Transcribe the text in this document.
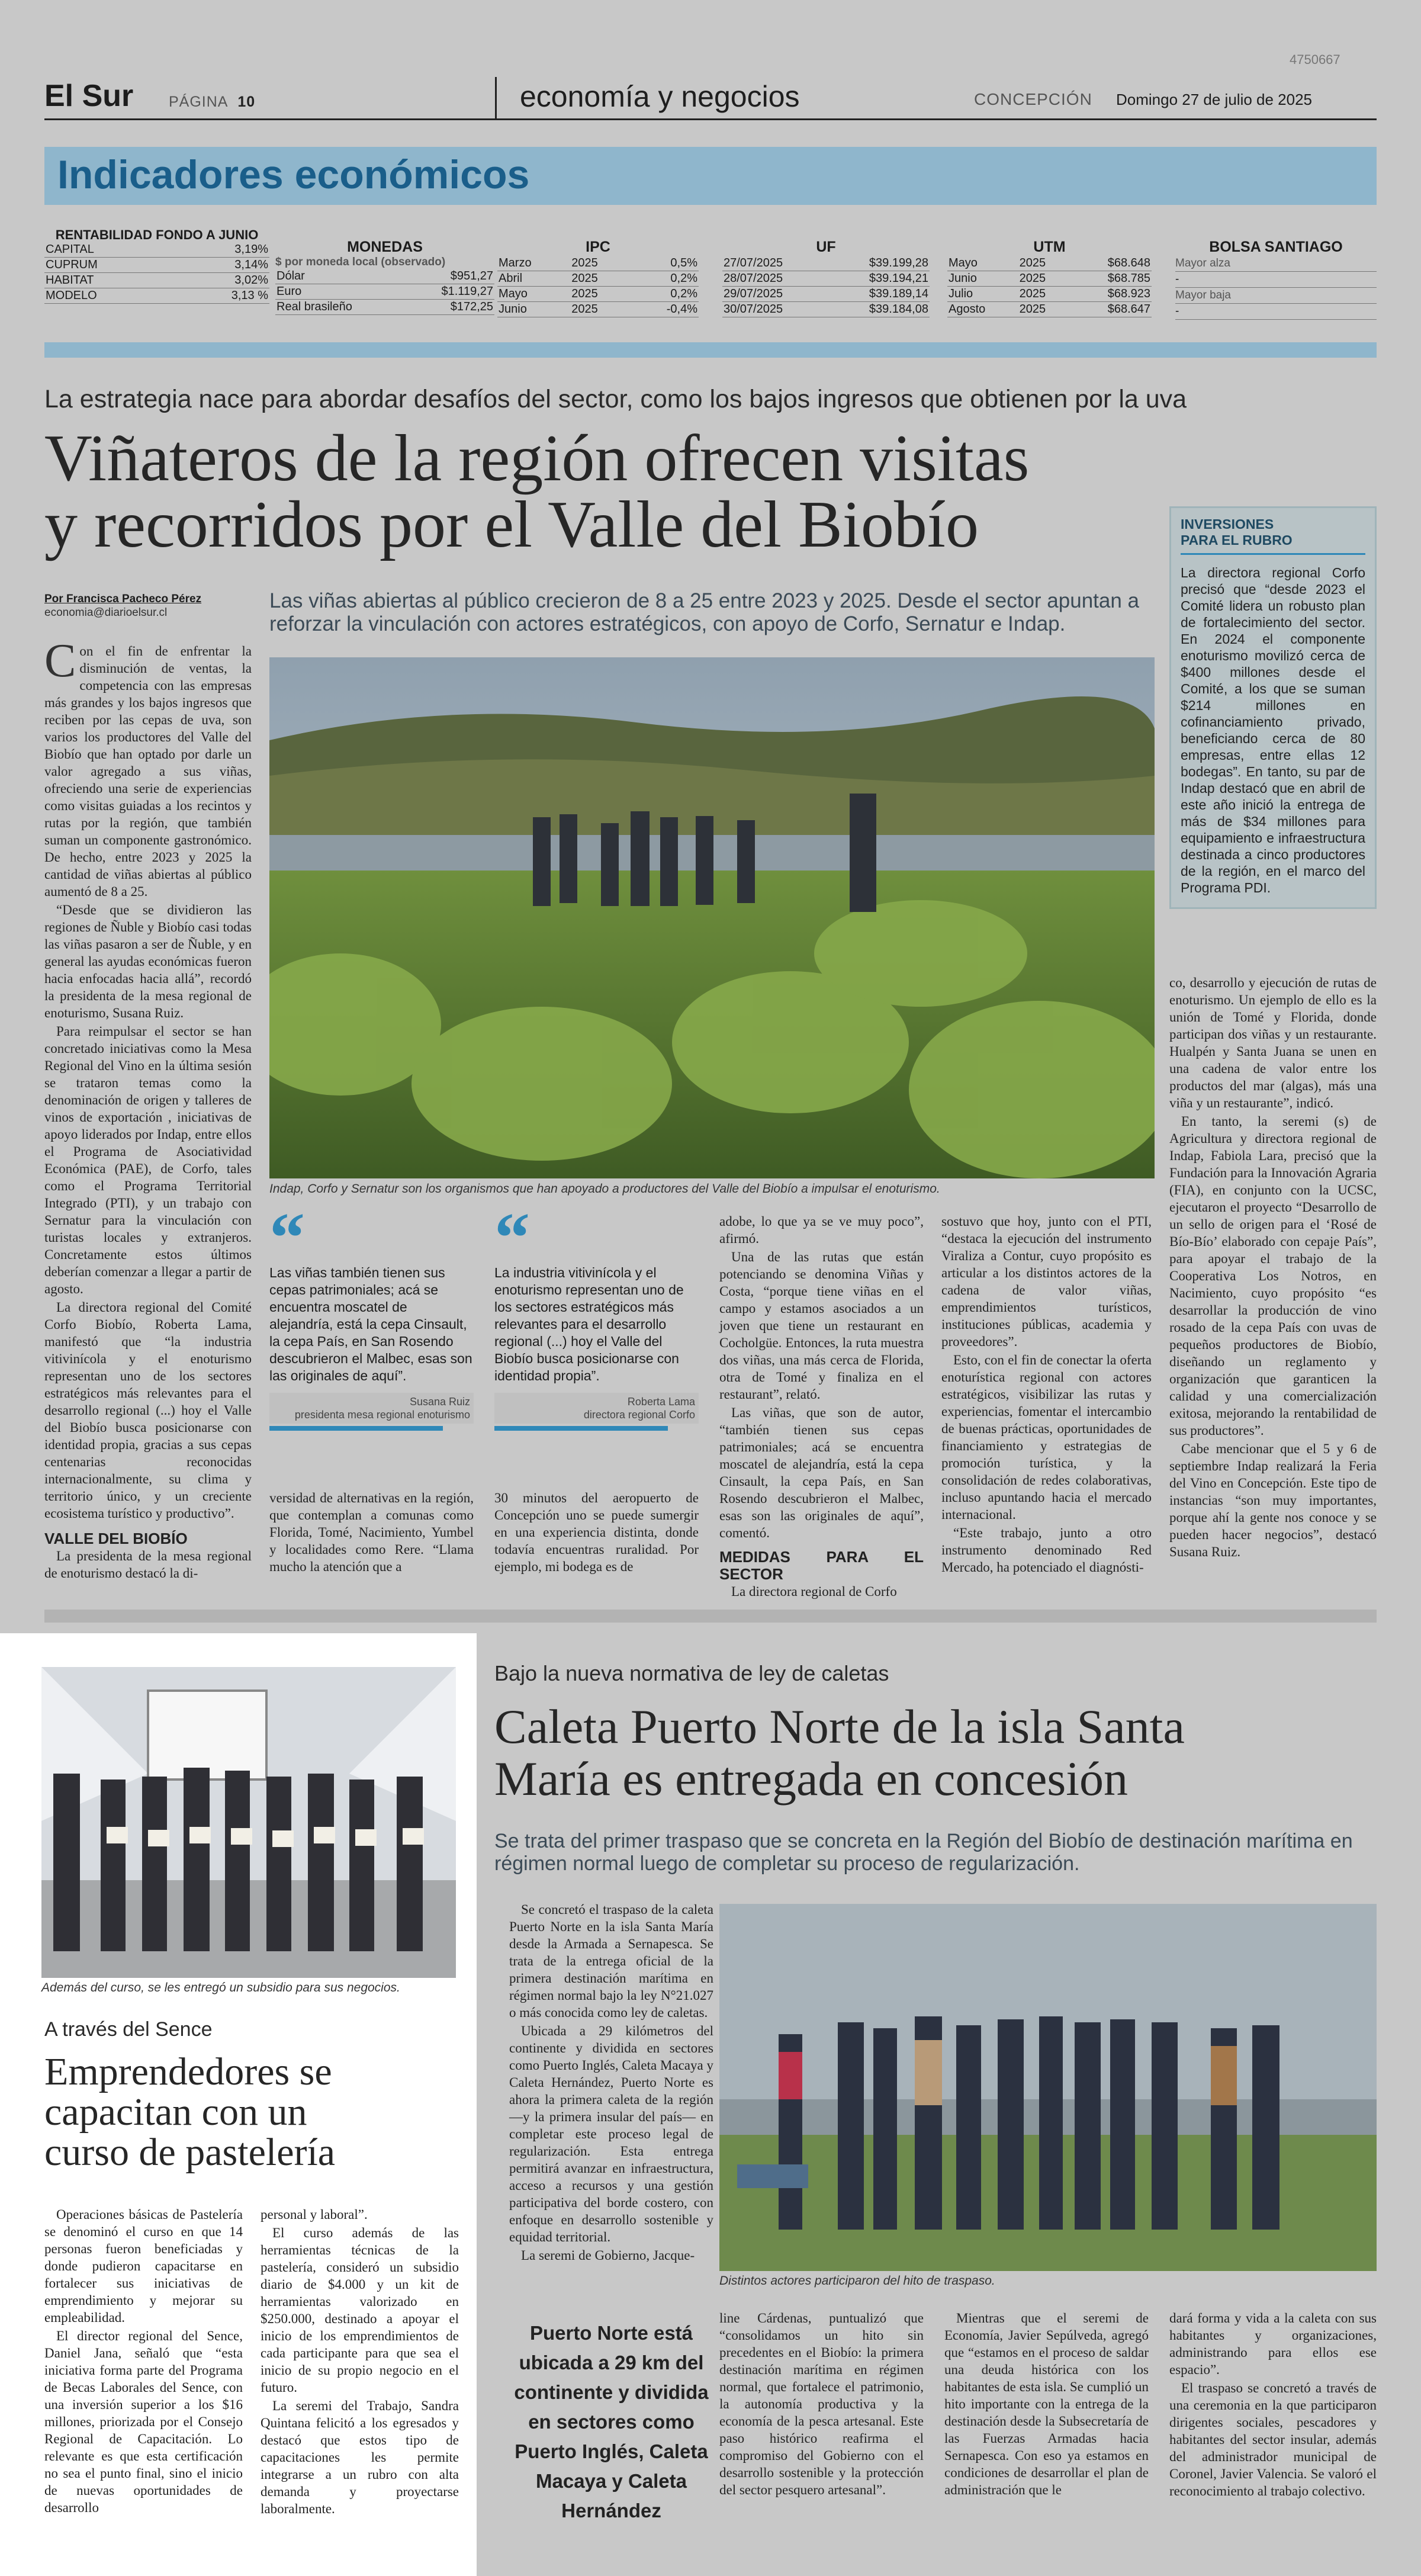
4750667
El Sur PÁGINA 10	economía y negocios	CONCEPCIÓN Domingo 27 de julio de 2025
Indicadores económicos
RENTABILIDAD FONDO A JUNIO
CAPITAL	3,19%
CUPRUM	3,14%
HABITAT	3,02%
MODELO	3,13 %
MONEDAS
$ por moneda local (observado)
Dólar	$951,27
Euro	$1.119,27
Real brasileño	$172,25
IPC
Marzo	2025	0,5%
Abril	2025	0,2%
Mayo	2025	0,2%
Junio	2025	-0,4%
UF
27/07/2025	$39.199,28
28/07/2025	$39.194,21
29/07/2025	$39.189,14
30/07/2025	$39.184,08
UTM
Mayo	2025	$68.648
Junio	2025	$68.785
Julio	2025	$68.923
Agosto	2025	$68.647
BOLSA SANTIAGO
Mayor alza
-
Mayor baja
-
La estrategia nace para abordar desafíos del sector, como los bajos ingresos que obtienen por la uva
Viñateros de la región ofrecen visitas
y recorridos por el Valle del Biobío
Por Francisca Pacheco Pérez
economia@diarioelsur.cl
Las viñas abiertas al público crecieron de 8 a 25 entre 2023 y 2025. Desde el sector apuntan a reforzar la vinculación con actores estratégicos, con apoyo de Corfo, Sernatur e Indap.

Con el fin de enfrentar la disminución de ventas, la competencia con las empresas más grandes y los bajos ingresos que reciben por las cepas de uva, son varios los productores del Valle del Biobío que han optado por darle un valor agregado a sus viñas, ofreciendo una serie de experiencias como visitas guiadas a los recintos y rutas por la región, que también suman un componente gastronómico. De hecho, entre 2023 y 2025 la cantidad de viñas abiertas al público aumentó de 8 a 25.

“Desde que se dividieron las regiones de Ñuble y Biobío casi todas las viñas pasaron a ser de Ñuble, y en general las ayudas económicas fueron hacia enfocadas hacia allá”, recordó la presidenta de la mesa regional de enoturismo, Susana Ruiz.

Para reimpulsar el sector se han concretado iniciativas como la Mesa Regional del Vino en la última sesión se trataron temas como la denominación de origen y talleres de vinos de exportación , iniciativas de apoyo liderados por Indap, entre ellos el Programa de Asociatividad Económica (PAE), de Corfo, tales como el Programa Territorial Integrado (PTI), y un trabajo con Sernatur para la vinculación con turistas locales y extranjeros. Concretamente estos últimos deberían comenzar a llegar a partir de agosto.

La directora regional del Comité Corfo Biobío, Roberta Lama, manifestó que “la industria vitivinícola y el enoturismo representan uno de los sectores estratégicos más relevantes para el desarrollo regional (...) hoy el Valle del Biobío busca posicionarse con identidad propia, gracias a sus cepas centenarias reconocidas internacionalmente, su clima y territorio único, y un creciente ecosistema turístico y productivo”.

VALLE DEL BIOBÍO

La presidenta de la mesa regional de enoturismo destacó la di-

Indap, Corfo y Sernatur son los organismos que han apoyado a productores del Valle del Biobío a impulsar el enoturismo.
“
Las viñas también tienen sus cepas patrimoniales; acá se encuentra moscatel de alejandría, está la cepa Cinsault, la cepa País, en San Rosendo descubrieron el Malbec, esas son las originales de aquí”.
Susana Ruiz
presidenta mesa regional enoturismo
“
La industria vitivinícola y el enoturismo representan uno de los sectores estratégicos más relevantes para el desarrollo regional (...) hoy el Valle del Biobío busca posicionarse con identidad propia”.
Roberta Lama
directora regional Corfo

versidad de alternativas en la región, que contemplan a comunas como Florida, Tomé, Nacimiento, Yumbel y localidades como Rere. “Llama mucho la atención que a

30 minutos del aeropuerto de Concepción uno se puede sumergir en una experiencia distinta, donde todavía encuentras ruralidad. Por ejemplo, mi bodega es de

adobe, lo que ya se ve muy poco”, afirmó.

Una de las rutas que están potenciando se denomina Viñas y Costa, “porque tiene viñas en el campo y estamos asociados a un joven que tiene un restaurant en Cocholgüe. Entonces, la ruta muestra dos viñas, una más cerca de Florida, otra de Tomé y finaliza en el restaurant”, relató.

Las viñas, que son de autor, “también tienen sus cepas patrimoniales; acá se encuentra moscatel de alejandría, está la cepa Cinsault, la cepa País, en San Rosendo descubrieron el Malbec, esas son las originales de aquí”, comentó.

MEDIDAS PARA EL SECTOR

La directora regional de Corfo

sostuvo que hoy, junto con el PTI, “destaca la ejecución del instrumento Viraliza a Contur, cuyo propósito es articular a los distintos actores de la cadena de valor viñas, emprendimientos turísticos, instituciones públicas, academia y proveedores”.

Esto, con el fin de conectar la oferta enoturística regional con actores estratégicos, visibilizar las rutas y experiencias, fomentar el intercambio de buenas prácticas, oportunidades de financiamiento y estrategias de promoción turística, y la consolidación de redes colaborativas, incluso apuntando hacia el mercado internacional.

“Este trabajo, junto a otro instrumento denominado Red Mercado, ha potenciado el diagnósti-

co, desarrollo y ejecución de rutas de enoturismo. Un ejemplo de ello es la unión de Tomé y Florida, donde participan dos viñas y un restaurante. Hualpén y Santa Juana se unen en una cadena de valor entre los productos del mar (algas), más una viña y un restaurante”, indicó.

En tanto, la seremi (s) de Agricultura y directora regional de Indap, Fabiola Lara, precisó que la Fundación para la Innovación Agraria (FIA), en conjunto con la UCSC, ejecutaron el proyecto “Desarrollo de un sello de origen para el ‘Rosé de Bío-Bío’ elaborado con cepaje País”, para apoyar el trabajo de la Cooperativa Los Notros, en Nacimiento, cuyo propósito “es desarrollar la producción de vino rosado de la cepa País con uvas de pequeños productores de Biobío, diseñando un reglamento y organización que garanticen la calidad y una comercialización exitosa, mejorando la rentabilidad de sus productores”.

Cabe mencionar que el 5 y 6 de septiembre Indap realizará la Feria del Vino en Concepción. Este tipo de instancias “son muy importantes, porque ahí la gente nos conoce y se pueden hacer negocios”, destacó Susana Ruiz.

INVERSIONES
PARA EL RUBRO
La directora regional Corfo precisó que “desde 2023 el Comité lidera un robusto plan de fortalecimiento del sector. En 2024 el componente enoturismo movilizó cerca de $400 millones desde el Comité, a los que se suman $214 millones en cofinanciamiento privado, beneficiando cerca de 80 empresas, entre ellas 12 bodegas”. En tanto, su par de Indap destacó que en abril de este año inició la entrega de más de $34 millones para equipamiento e infraestructura destinada a cinco productores de la región, en el marco del Programa PDI.
Además del curso, se les entregó un subsidio para sus negocios.
A través del Sence
Emprendedores se
capacitan con un
curso de pastelería

Operaciones básicas de Pastelería se denominó el curso en que 14 personas fueron beneficiadas y donde pudieron capacitarse en fortalecer sus iniciativas de emprendimiento y mejorar su empleabilidad.

El director regional del Sence, Daniel Jana, señaló que “esta iniciativa forma parte del Programa de Becas Laborales del Sence, con una inversión superior a los $16 millones, priorizada por el Consejo Regional de Capacitación. Lo relevante es que esta certificación no sea el punto final, sino el inicio de nuevas oportunidades de desarrollo

personal y laboral”.

El curso además de las herramientas técnicas de la pastelería, consideró un subsidio diario de $4.000 y un kit de herramientas valorizado en $250.000, destinado a apoyar el inicio de los emprendimientos de cada participante para que sea el inicio de su propio negocio en el futuro.

La seremi del Trabajo, Sandra Quintana felicitó a los egresados y destacó que estos tipo de capacitaciones les permite integrarse a un rubro con alta demanda y proyectarse laboralmente.

Bajo la nueva normativa de ley de caletas
Caleta Puerto Norte de la isla Santa
María es entregada en concesión
Se trata del primer traspaso que se concreta en la Región del Biobío de destinación marítima en régimen normal luego de completar su proceso de regularización.

Se concretó el traspaso de la caleta Puerto Norte en la isla Santa María desde la Armada a Sernapesca. Se trata de la entrega oficial de la primera destinación marítima en régimen normal bajo la ley N°21.027 o más conocida como ley de caletas.

Ubicada a 29 kilómetros del continente y dividida en sectores como Puerto Inglés, Caleta Macaya y Caleta Hernández, Puerto Norte es ahora la primera caleta de la región —y la primera insular del país— en completar este proceso legal de regularización. Esta entrega permitirá avanzar en infraestructura, acceso a recursos y una gestión participativa del borde costero, con enfoque en desarrollo sostenible y equidad territorial.

La seremi de Gobierno, Jacque-

Distintos actores participaron del hito de traspaso.
Puerto Norte está ubicada a 29 km del continente y dividida en sectores como Puerto Inglés, Caleta Macaya y Caleta Hernández

line Cárdenas, puntualizó que “consolidamos un hito sin precedentes en el Biobío: la primera destinación marítima en régimen normal, que fortalece el patrimonio, la autonomía productiva y la economía de la pesca artesanal. Este paso histórico reafirma el compromiso del Gobierno con el desarrollo sostenible y la protección del sector pesquero artesanal”.

Mientras que el seremi de Economía, Javier Sepúlveda, agregó que “estamos en el proceso de saldar una deuda histórica con los habitantes de esta isla. Se cumplió un hito importante con la entrega de la destinación desde la Subsecretaría de las Fuerzas Armadas hacia Sernapesca. Con eso ya estamos en condiciones de desarrollar el plan de administración que le

dará forma y vida a la caleta con sus habitantes y organizaciones, administrando para ellos ese espacio”.

El traspaso se concretó a través de una ceremonia en la que participaron dirigentes sociales, pescadores y habitantes del sector insular, además del administrador municipal de Coronel, Javier Valencia. Se valoró el reconocimiento al trabajo colectivo.
